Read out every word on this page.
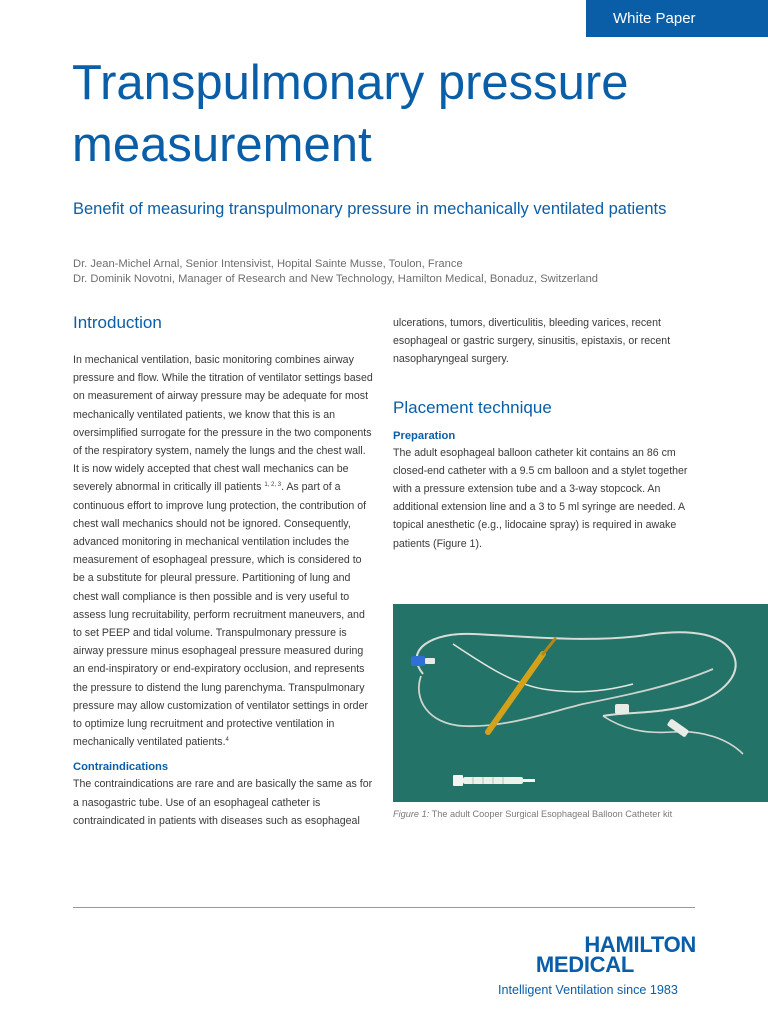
White Paper
Transpulmonary pressure measurement
Benefit of measuring transpulmonary pressure in mechanically ventilated patients
Dr. Jean-Michel Arnal, Senior Intensivist, Hopital Sainte Musse, Toulon, France
Dr. Dominik Novotni, Manager of Research and New Technology, Hamilton Medical, Bonaduz, Switzerland
Introduction

In mechanical ventilation, basic monitoring combines airway pressure and flow. While the titration of ventilator settings based on measurement of airway pressure may be adequate for most mechanically ventilated patients, we know that this is an oversimplified surrogate for the pressure in the two components of the respiratory system, namely the lungs and the chest wall. It is now widely accepted that chest wall mechanics can be severely abnormal in critically ill patients $^{1, 2, 3}$. As part of a continuous effort to improve lung protection, the contribution of chest wall mechanics should not be ignored. Consequently, advanced monitoring in mechanical ventilation includes the measurement of esophageal pressure, which is considered to be a substitute for pleural pressure. Partitioning of lung and chest wall compliance is then possible and is very useful to assess lung recruitability, perform recruitment maneuvers, and to set PEEP and tidal volume. Transpulmonary pressure is airway pressure minus esophageal pressure measured during an end-inspiratory or end-expiratory occlusion, and represents the pressure to distend the lung parenchyma. Transpulmonary pressure may allow customization of ventilator settings in order to optimize lung recruitment and protective ventilation in mechanically ventilated patients.$^4$

Contraindications

The contraindications are rare and are basically the same as for a nasogastric tube. Use of an esophageal catheter is contraindicated in patients with diseases such as esophageal

ulcerations, tumors, diverticulitis, bleeding varices, recent esophageal or gastric surgery, sinusitis, epistaxis, or recent nasopharyngeal surgery.

Placement technique
Preparation

The adult esophageal balloon catheter kit contains an 86 cm closed-end catheter with a 9.5 cm balloon and a stylet together with a pressure extension tube and a 3-way stopcock. An additional extension line and a 3 to 5 ml syringe are needed. A topical anesthetic (e.g., lidocaine spray) is required in awake patients (Figure 1).

Figure 1: The adult Cooper Surgical Esophageal Balloon Catheter kit
HAMILTON
MEDICAL
Intelligent Ventilation since 1983
